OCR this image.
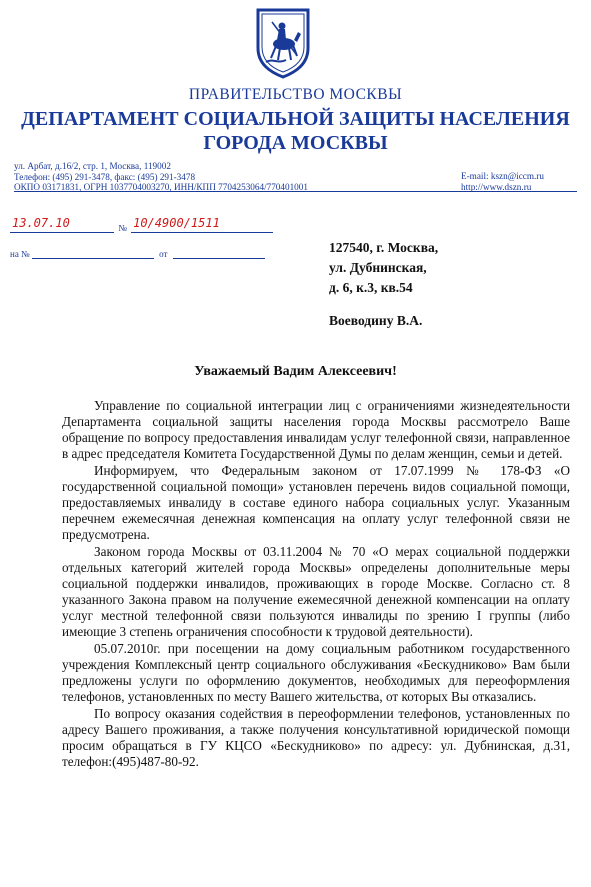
ПРАВИТЕЛЬСТВО МОСКВЫ
ДЕПАРТАМЕНТ СОЦИАЛЬНОЙ ЗАЩИТЫ НАСЕЛЕНИЯ
ГОРОДА МОСКВЫ
ул. Арбат, д.16/2, стр. 1, Москва, 119002
Телефон: (495) 291-3478, факс: (495) 291-3478
ОКПО 03171831, ОГРН 1037704003270, ИНН/КПП 7704253064/770401001
E-mail: kszn@iccm.ru
http://www.dszn.ru
13.07.10	№ 10/4900/1511
на №	от	127540, г. Москва,
ул. Дубнинская,
д. 6, к.3, кв.54
Воеводину В.А.
Уважаемый Вадим Алексеевич!

Управление по социальной интеграции лиц с ограничениями жизнедеятельности Департамента социальной защиты населения города Москвы рассмотрело Ваше обращение по вопросу предоставления инвалидам услуг телефонной связи, направленное в адрес председателя Комитета Государственной Думы по делам женщин, семьи и детей.

Информируем, что Федеральным законом от 17.07.1999 № 178-ФЗ «О государственной социальной помощи» установлен перечень видов социальной помощи, предоставляемых инвалиду в составе единого набора социальных услуг. Указанным перечнем ежемесячная денежная компенсация на оплату услуг телефонной связи не предусмотрена.

Законом города Москвы от 03.11.2004 № 70 «О мерах социальной поддержки отдельных категорий жителей города Москвы» определены дополнительные меры социальной поддержки инвалидов, проживающих в городе Москве. Согласно ст. 8 указанного Закона правом на получение ежемесячной денежной компенсации на оплату услуг местной телефонной связи пользуются инвалиды по зрению I группы (либо имеющие 3 степень ограничения способности к трудовой деятельности).

05.07.2010г. при посещении на дому социальным работником государственного учреждения Комплексный центр социального обслуживания «Бескудниково» Вам были предложены услуги по оформлению документов, необходимых для переоформления телефонов, установленных по месту Вашего жительства, от которых Вы отказались.

По вопросу оказания содействия в переоформлении телефонов, установленных по адресу Вашего проживания, а также получения консультативной юридической помощи просим обращаться в ГУ КЦСО «Бескудниково» по адресу: ул. Дубнинская, д.31, телефон:(495)487-80-92.
